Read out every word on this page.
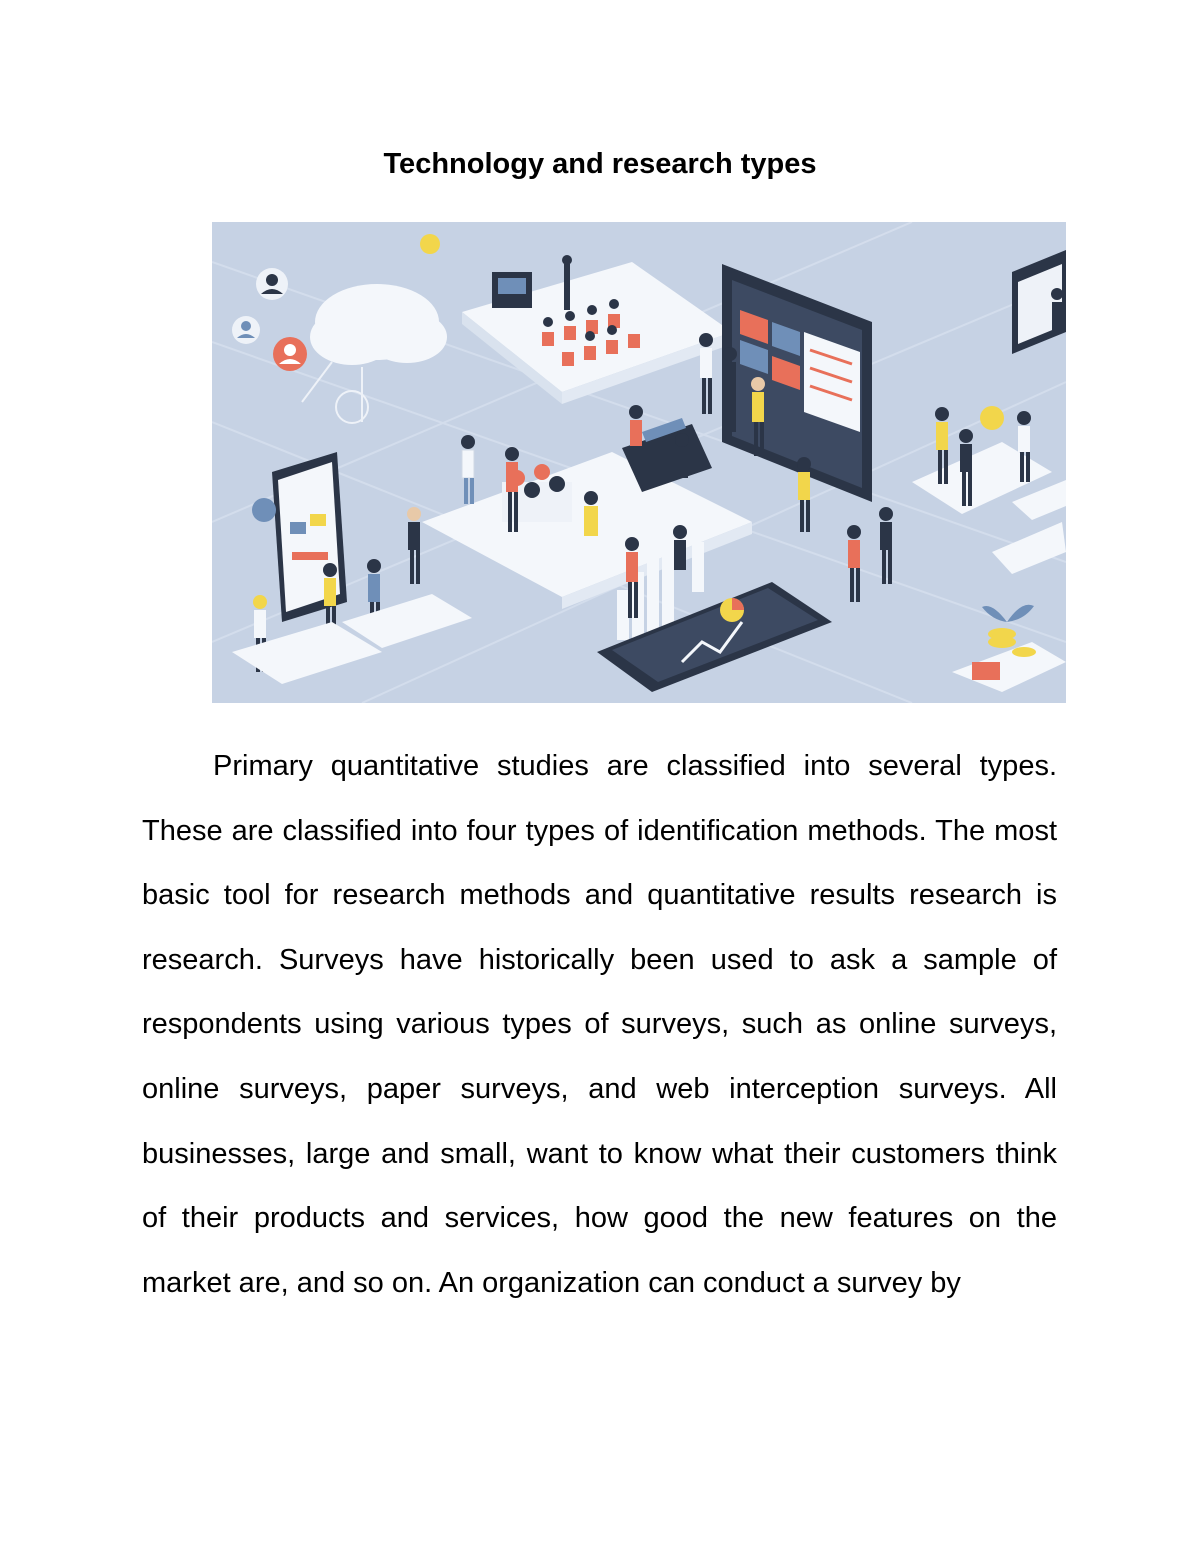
Technology and research types
Primary quantitative studies are classified into several types. These are classified into four types of identification methods. The most basic tool for research methods and quantitative results research is research. Surveys have historically been used to ask a sample of respondents using various types of surveys, such as online surveys, online surveys, paper surveys, and web interception surveys. All businesses, large and small, want to know what their customers think of their products and services, how good the new features on the market are, and so on. An organization can conduct a survey by
